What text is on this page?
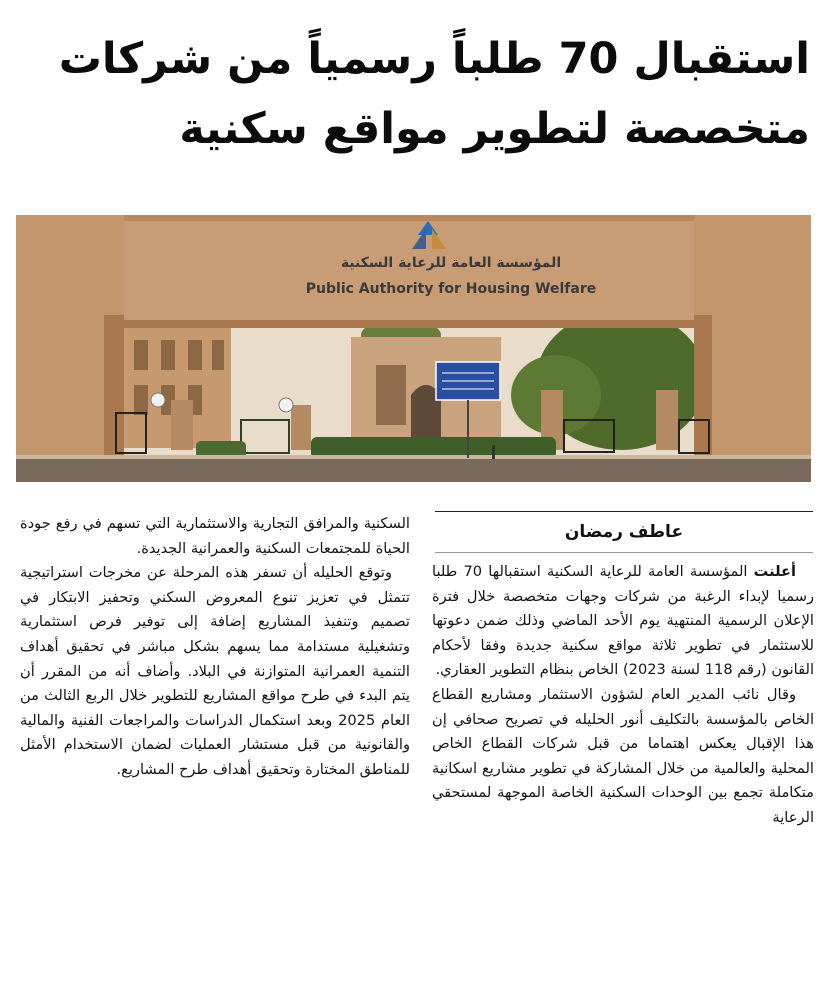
استقبال 70 طلباً رسمياً من شركات
متخصصة لتطوير مواقع سكنية
المؤسسة العامة للرعاية السكنية
Public Authority for Housing Welfare
عاطف رمضان

أعلنت المؤسسة العامة للرعاية السكنية استقبالها 70 طلبا رسميا لإبداء الرغبة من شركات وجهات متخصصة خلال فترة الإعلان الرسمية المنتهية يوم الأحد الماضي وذلك ضمن دعوتها للاستثمار في تطوير ثلاثة مواقع سكنية جديدة وفقا لأحكام القانون (رقم 118 لسنة 2023) الخاص بنظام التطوير العقاري.

وقال نائب المدير العام لشؤون الاستثمار ومشاريع القطاع الخاص بالمؤسسة بالتكليف أنور الحليله في تصريح صحافي إن هذا الإقبال يعكس اهتماما من قبل شركات القطاع الخاص المحلية والعالمية من خلال المشاركة في تطوير مشاريع اسكانية متكاملة تجمع بين الوحدات السكنية الخاصة الموجهة لمستحقي الرعاية

السكنية والمرافق التجارية والاستثمارية التي تسهم في رفع جودة الحياة للمجتمعات السكنية والعمرانية الجديدة.

وتوقع الحليله أن تسفر هذه المرحلة عن مخرجات استراتيجية تتمثل في تعزيز تنوع المعروض السكني وتحفيز الابتكار في تصميم وتنفيذ المشاريع إضافة إلى توفير فرص استثمارية وتشغيلية مستدامة مما يسهم بشكل مباشر في تحقيق أهداف التنمية العمرانية المتوازنة في البلاد. وأضاف أنه من المقرر أن يتم البدء في طرح مواقع المشاريع للتطوير خلال الربع الثالث من العام 2025 وبعد استكمال الدراسات والمراجعات الفنية والمالية والقانونية من قبل مستشار العمليات لضمان الاستخدام الأمثل للمناطق المختارة وتحقيق أهداف طرح المشاريع.
